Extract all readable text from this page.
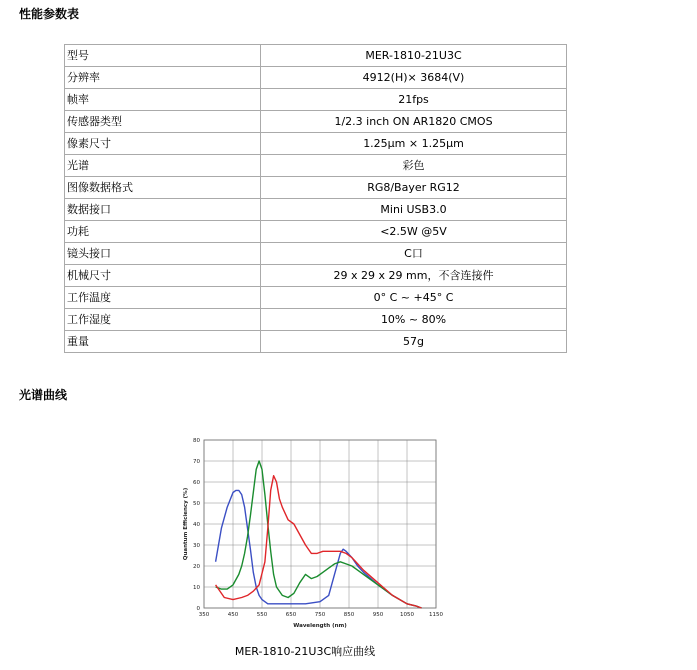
性能参数表
型号	MER-1810-21U3C
分辨率	4912(H)× 3684(V)
帧率	21fps
传感器类型	1/2.3 inch ON AR1820 CMOS
像素尺寸	1.25μm × 1.25μm
光谱	彩色
图像数据格式	RG8/Bayer RG12
数据接口	Mini USB3.0
功耗	<2.5W @5V
镜头接口	C口
机械尺寸	29 x 29 x 29 mm，不含连接件
工作温度	0° C ~ +45° C
工作湿度	10% ~ 80%
重量	57g
光谱曲线
350	450	550	650	750	850	950	1050	1150
0
10
20
30
40
50
60
70
80
Wavelength (nm)
Quantum Efficiency (%)

MER-1810-21U3C响应曲线
